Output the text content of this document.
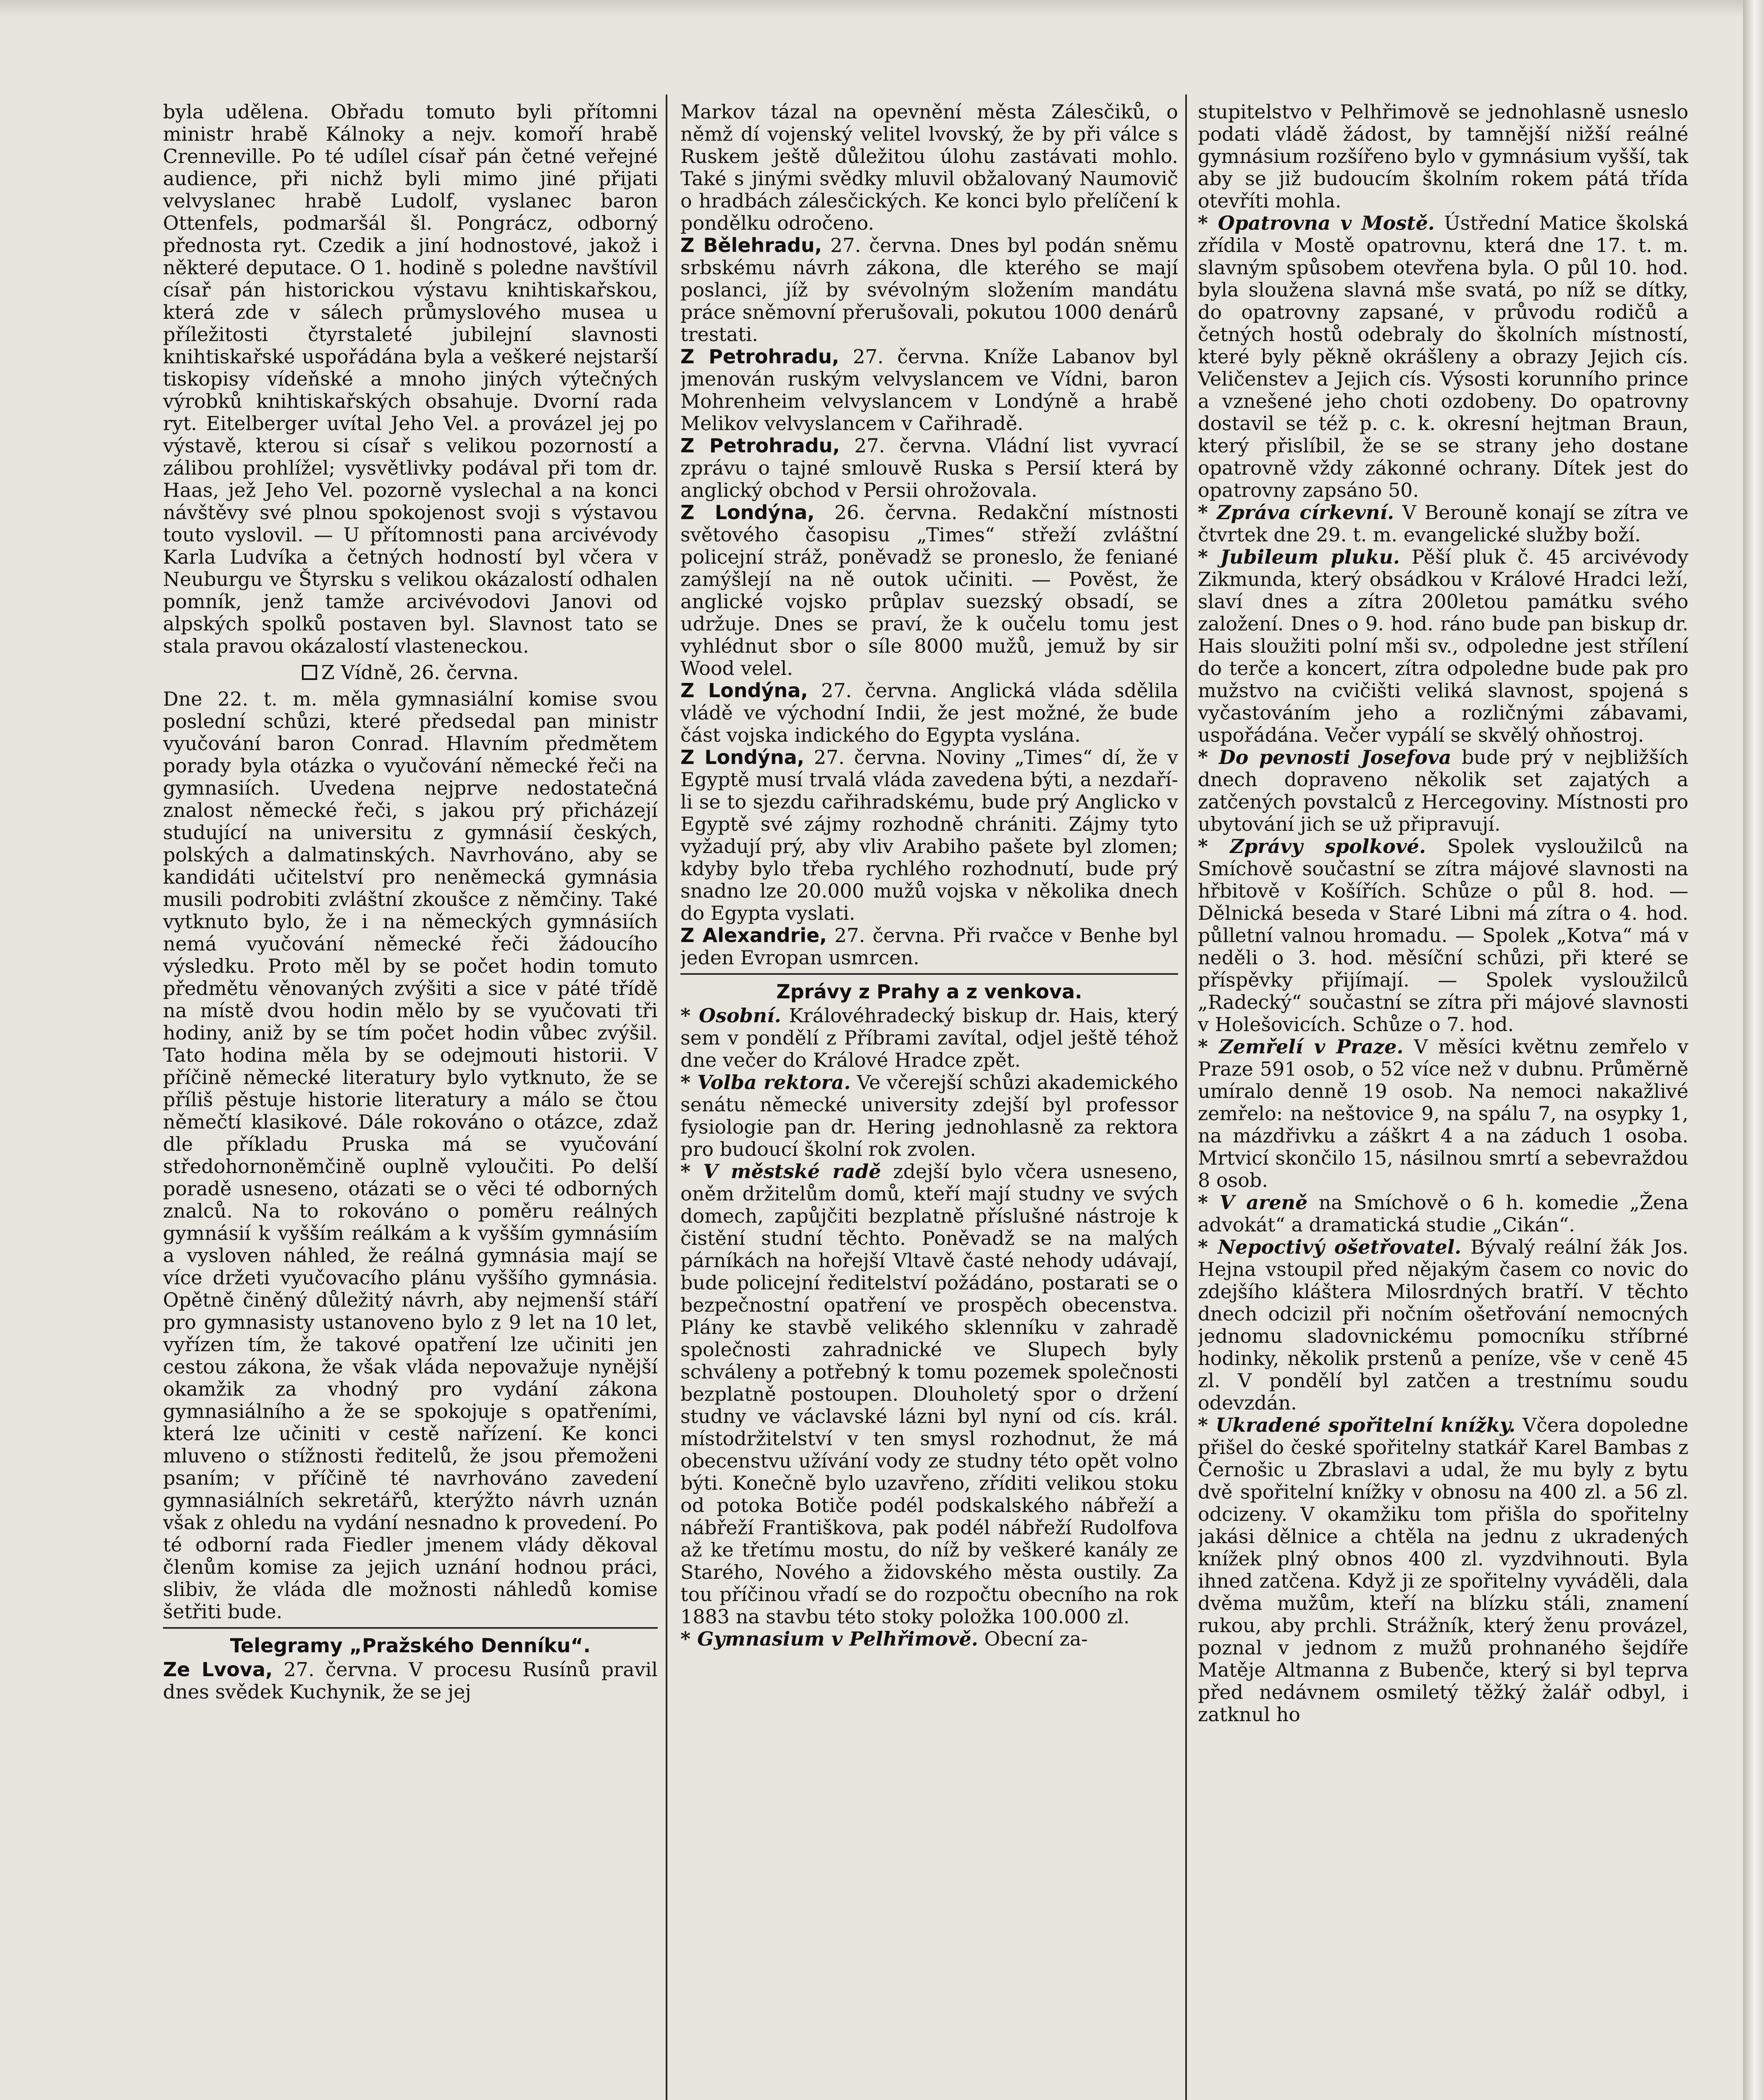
byla udělena. Obřadu tomuto byli přítomni ministr hrabě Kálnoky a nejv. komoří hrabě Crenneville. Po té udílel císař pán četné veřejné audience, při nichž byli mimo jiné přijati velvyslanec hrabě Ludolf, vyslanec baron Ottenfels, podmaršál šl. Pongrácz, odborný přednosta ryt. Czedik a jiní hodnostové, jakož i některé deputace. O 1. hodině s poledne navštívil císař pán historickou výstavu knihtiskařskou, která zde v sálech průmyslového musea u příležitosti čtyrstaleté jubilejní slavnosti knihtiskařské uspořádána byla a veškeré nejstarší tiskopisy vídeňské a mnoho jiných výtečných výrobků knihtiskařských obsahuje. Dvorní rada ryt. Eitelberger uvítal Jeho Vel. a provázel jej po výstavě, kterou si císař s velikou pozorností a zálibou prohlížel; vysvětlivky podával při tom dr. Haas, jež Jeho Vel. pozorně vyslechal a na konci návštěvy své plnou spokojenost svoji s výstavou touto vyslovil. — U přítomnosti pana arcivévody Karla Ludvíka a četných hodností byl včera v Neuburgu ve Štyrsku s velikou okázalostí odhalen pomník, jenž tamže arcivévodovi Janovi od alpských spolků postaven byl. Slavnost tato se stala pravou okázalostí vlasteneckou.

Z Vídně, 26. června.

Dne 22. t. m. měla gymnasiální komise svou poslední schůzi, které předsedal pan ministr vyučování baron Conrad. Hlavním předmětem porady byla otázka o vyučování německé řeči na gymnasiích. Uvedena nejprve nedostatečná znalost německé řeči, s jakou prý přicházejí studující na universitu z gymnásií českých, polských a dalmatinských. Navrhováno, aby se kandidáti učitelství pro neněmecká gymnásia musili podrobiti zvláštní zkoušce z němčiny. Také vytknuto bylo, že i na německých gymnásiích nemá vyučování německé řeči žádoucího výsledku. Proto měl by se počet hodin tomuto předmětu věnovaných zvýšiti a sice v páté třídě na místě dvou hodin mělo by se vyučovati tři hodiny, aniž by se tím počet hodin vůbec zvýšil. Tato hodina měla by se odejmouti historii. V příčině německé literatury bylo vytknuto, že se příliš pěstuje historie literatury a málo se čtou němečtí klasikové. Dále rokováno o otázce, zdaž dle příkladu Pruska má se vyučování středohornoněmčině ouplně vyloučiti. Po delší poradě usneseno, otázati se o věci té odborných znalců. Na to rokováno o poměru reálných gymnásií k vyšším reálkám a k vyšším gymnásiím a vysloven náhled, že reálná gymnásia mají se více držeti vyučovacího plánu vyššího gymnásia. Opětně činěný důležitý návrh, aby nejmenší stáří pro gymnasisty ustanoveno bylo z 9 let na 10 let, vyřízen tím, že takové opatření lze učiniti jen cestou zákona, že však vláda nepovažuje nynější okamžik za vhodný pro vydání zákona gymnasiálního a že se spokojuje s opatřeními, která lze učiniti v cestě nařízení. Ke konci mluveno o stížnosti ředitelů, že jsou přemoženi psaním; v příčině té navrhováno zavedení gymnasiálních sekretářů, kterýžto návrh uznán však z ohledu na vydání nesnadno k provedení. Po té odborní rada Fiedler jmenem vlády děkoval členům komise za jejich uznání hodnou práci, slibiv, že vláda dle možnosti náhledů komise šetřiti bude.

Telegramy „Pražského Denníku“.

Ze Lvova, 27. června. V procesu Rusínů pravil dnes svědek Kuchynik, že se jej

Markov tázal na opevnění města Zálesčiků, o němž dí vojenský velitel lvovský, že by při válce s Ruskem ještě důležitou úlohu zastávati mohlo. Také s jinými svědky mluvil obžalovaný Naumovič o hradbách zálesčických. Ke konci bylo přelíčení k pondělku odročeno.

Z Bělehradu, 27. června. Dnes byl podán sněmu srbskému návrh zákona, dle kterého se mají poslanci, jíž by svévolným složením mandátu práce sněmovní přerušovali, pokutou 1000 denárů trestati.

Z Petrohradu, 27. června. Kníže Labanov byl jmenován ruským velvyslancem ve Vídni, baron Mohrenheim velvyslancem v Londýně a hrabě Melikov velvyslancem v Cařihradě.

Z Petrohradu, 27. června. Vládní list vyvrací zprávu o tajné smlouvě Ruska s Persií která by anglický obchod v Persii ohrožovala.

Z Londýna, 26. června. Redakční místnosti světového časopisu „Times“ střeží zvláštní policejní stráž, poněvadž se proneslo, že feniané zamýšlejí na ně outok učiniti. — Pověst, že anglické vojsko průplav suezský obsadí, se udržuje. Dnes se praví, že k oučelu tomu jest vyhlédnut sbor o síle 8000 mužů, jemuž by sir Wood velel.

Z Londýna, 27. června. Anglická vláda sdělila vládě ve východní Indii, že jest možné, že bude část vojska indického do Egypta vyslána.

Z Londýna, 27. června. Noviny „Times“ dí, že v Egyptě musí trvalá vláda zavedena býti, a nezdaří-li se to sjezdu cařihradskému, bude prý Anglicko v Egyptě své zájmy rozhodně chrániti. Zájmy tyto vyžadují prý, aby vliv Arabiho pašete byl zlomen; kdyby bylo třeba rychlého rozhodnutí, bude prý snadno lze 20.000 mužů vojska v několika dnech do Egypta vyslati.

Z Alexandrie, 27. června. Při rvačce v Benhe byl jeden Evropan usmrcen.

Zprávy z Prahy a z venkova.

* Osobní. Královéhradecký biskup dr. Hais, který sem v pondělí z Příbrami zavítal, odjel ještě téhož dne večer do Králové Hradce zpět.

* Volba rektora. Ve včerejší schůzi akademického senátu německé university zdejší byl professor fysiologie pan dr. Hering jednohlasně za rektora pro budoucí školní rok zvolen.

* V městské radě zdejší bylo včera usneseno, oněm držitelům domů, kteří mají studny ve svých domech, zapůjčiti bezplatně příslušné nástroje k čistění studní těchto. Poněvadž se na malých párníkách na hořejší Vltavě časté nehody udávají, bude policejní ředitelství požádáno, postarati se o bezpečnostní opatření ve prospěch obecenstva. Plány ke stavbě velikého sklenníku v zahradě společnosti zahradnické ve Slupech byly schváleny a potřebný k tomu pozemek společnosti bezplatně postoupen. Dlouholetý spor o držení studny ve václavské lázni byl nyní od cís. král. místodržitelství v ten smysl rozhodnut, že má obecenstvu užívání vody ze studny této opět volno býti. Konečně bylo uzavřeno, zříditi velikou stoku od potoka Botiče podél podskalského nábřeží a nábřeží Františkova, pak podél nábřeží Rudolfova až ke třetímu mostu, do níž by veškeré kanály ze Starého, Nového a židovského města oustily. Za tou příčinou vřadí se do rozpočtu obecního na rok 1883 na stavbu této stoky položka 100.000 zl.

* Gymnasium v Pelhřimově. Obecní za-

stupitelstvo v Pelhřimově se jednohlasně usneslo podati vládě žádost, by tamnější nižší reálné gymnásium rozšířeno bylo v gymnásium vyšší, tak aby se již budoucím školním rokem pátá třída otevříti mohla.

* Opatrovna v Mostě. Ústřední Matice školská zřídila v Mostě opatrovnu, která dne 17. t. m. slavným spůsobem otevřena byla. O půl 10. hod. byla sloužena slavná mše svatá, po níž se dítky, do opatrovny zapsané, v průvodu rodičů a četných hostů odebraly do školních místností, které byly pěkně okrášleny a obrazy Jejich cís. Veličenstev a Jejich cís. Výsosti korunního prince a vznešené jeho choti ozdobeny. Do opatrovny dostavil se též p. c. k. okresní hejtman Braun, který přislíbil, že se se strany jeho dostane opatrovně vždy zákonné ochrany. Dítek jest do opatrovny zapsáno 50.

* Zpráva církevní. V Berouně konají se zítra ve čtvrtek dne 29. t. m. evangelické služby boží.

* Jubileum pluku. Pěší pluk č. 45 arcivévody Zikmunda, který obsádkou v Králové Hradci leží, slaví dnes a zítra 200letou památku svého založení. Dnes o 9. hod. ráno bude pan biskup dr. Hais sloužiti polní mši sv., odpoledne jest střílení do terče a koncert, zítra odpoledne bude pak pro mužstvo na cvičišti veliká slavnost, spojená s vyčastováním jeho a rozličnými zábavami, uspořádána. Večer vypálí se skvělý ohňostroj.

* Do pevnosti Josefova bude prý v nejbližších dnech dopraveno několik set zajatých a zatčených povstalců z Hercegoviny. Místnosti pro ubytování jich se už připravují.

* Zprávy spolkové. Spolek vysloužilců na Smíchově součastní se zítra májové slavnosti na hřbitově v Košířích. Schůze o půl 8. hod. — Dělnická beseda v Staré Libni má zítra o 4. hod. půlletní valnou hromadu. — Spolek „Kotva“ má v neděli o 3. hod. měsíční schůzi, při které se příspěvky přijímají. — Spolek vysloužilců „Radecký“ součastní se zítra při májové slavnosti v Holešovicích. Schůze o 7. hod.

* Zemřelí v Praze. V měsíci květnu zemřelo v Praze 591 osob, o 52 více než v dubnu. Průměrně umíralo denně 19 osob. Na nemoci nakažlivé zemřelo: na neštovice 9, na spálu 7, na osypky 1, na mázdřivku a záškrt 4 a na záduch 1 osoba. Mrtvicí skončilo 15, násilnou smrtí a sebevraždou 8 osob.

* V areně na Smíchově o 6 h. komedie „Žena advokát“ a dramatická studie „Cikán“.

* Nepoctivý ošetřovatel. Bývalý reální žák Jos. Hejna vstoupil před nějakým časem co novic do zdejšího kláštera Milosrdných bratří. V těchto dnech odcizil při nočním ošetřování nemocných jednomu sladovnickému pomocníku stříbrné hodinky, několik prstenů a peníze, vše v ceně 45 zl. V pondělí byl zatčen a trestnímu soudu odevzdán.

* Ukradené spořitelní knížky. Včera dopoledne přišel do české spořitelny statkář Karel Bambas z Černošic u Zbraslavi a udal, že mu byly z bytu dvě spořitelní knížky v obnosu na 400 zl. a 56 zl. odcizeny. V okamžiku tom přišla do spořitelny jakási dělnice a chtěla na jednu z ukradených knížek plný obnos 400 zl. vyzdvihnouti. Byla ihned zatčena. Když ji ze spořitelny vyváděli, dala dvěma mužům, kteří na blízku stáli, znamení rukou, aby prchli. Strážník, který ženu provázel, poznal v jednom z mužů prohnaného šejdíře Matěje Altmanna z Bubenče, který si byl teprva před nedávnem osmiletý těžký žalář odbyl, i zatknul ho
